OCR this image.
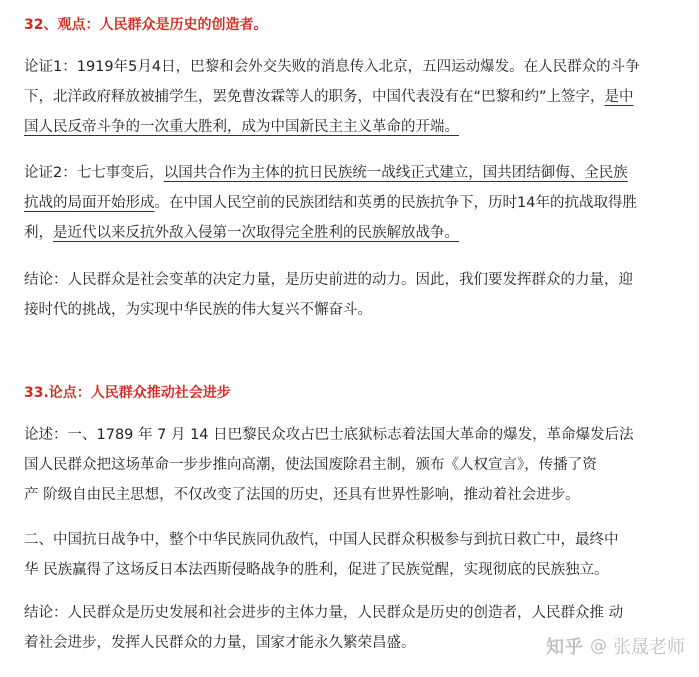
32、观点：人民群众是历史的创造者。
论证1：1919年5月4日，巴黎和会外交失败的消息传入北京，五四运动爆发。在人民群众的斗争
下，北洋政府释放被捕学生，罢免曹汝霖等人的职务，中国代表没有在“巴黎和约”上签字，是中
国人民反帝斗争的一次重大胜利，成为中国新民主主义革命的开端。
论证2：七七事变后，以国共合作为主体的抗日民族统一战线正式建立，国共团结御侮、全民族
抗战的局面开始形成。在中国人民空前的民族团结和英勇的民族抗争下，历时14年的抗战取得胜
利，是近代以来反抗外敌入侵第一次取得完全胜利的民族解放战争。
结论：人民群众是社会变革的决定力量，是历史前进的动力。因此，我们要发挥群众的力量，迎
接时代的挑战，为实现中华民族的伟大复兴不懈奋斗。
33.论点：人民群众推动社会进步
论述：一、1789 年 7 月 14 日巴黎民众攻占巴士底狱标志着法国大革命的爆发，革命爆发后法
国人民群众把这场革命一步步推向高潮，使法国废除君主制，颁布《人权宣言》，传播了资
产 阶级自由民主思想，不仅改变了法国的历史，还具有世界性影响，推动着社会进步。
二、中国抗日战争中，整个中华民族同仇敌忾，中国人民群众积极参与到抗日救亡中，最终中
华 民族赢得了这场反日本法西斯侵略战争的胜利，促进了民族觉醒，实现彻底的民族独立。
结论：人民群众是历史发展和社会进步的主体力量，人民群众是历史的创造者，人民群众推 动
着社会进步，发挥人民群众的力量，国家才能永久繁荣昌盛。	知乎 @ 张晟老师
